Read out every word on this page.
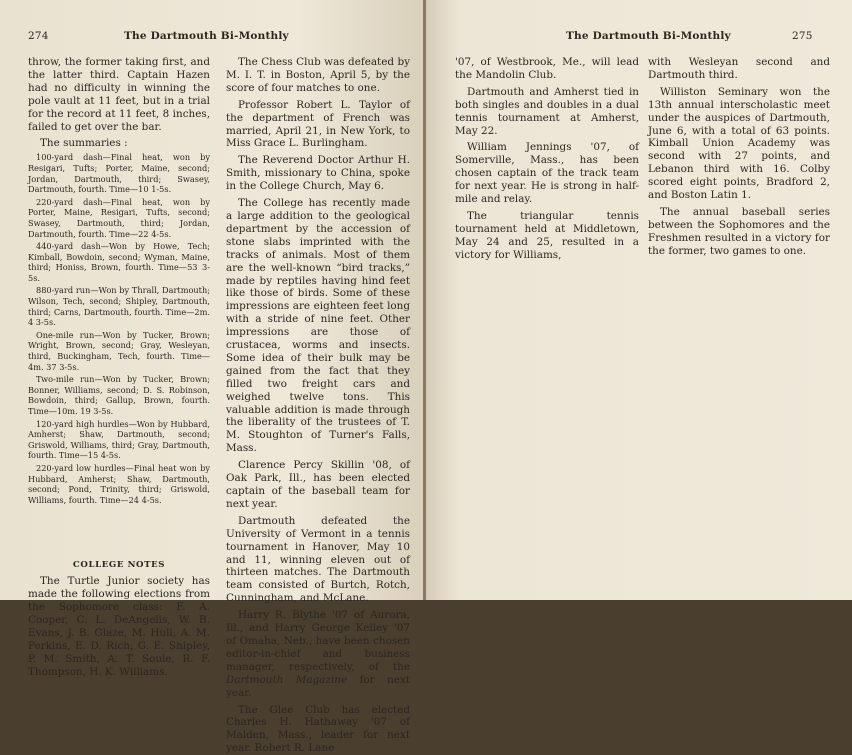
274	The Dartmouth Bi-Monthly

throw, the former taking first, and the latter third. Captain Hazen had no difficulty in winning the pole vault at 11 feet, but in a trial for the record at 11 feet, 8 inches, failed to get over the bar.

The summaries :

100-yard dash—Final heat, won by Resigari, Tufts; Porter, Maine, second; Jordan, Dartmouth, third; Swasey, Dartmouth, fourth. Time—10 1-5s.

220-yard dash—Final heat, won by Porter, Maine, Resigari, Tufts, second; Swasey, Dartmouth, third; Jordan, Dartmouth, fourth. Time—22 4-5s.

440-yard dash—Won by Howe, Tech; Kimball, Bowdoin, second; Wyman, Maine, third; Honiss, Brown, fourth. Time—53 3-5s.

880-yard run—Won by Thrall, Dartmouth; Wilson, Tech, second; Shipley, Dartmouth, third; Carns, Dartmouth, fourth. Time—2m. 4 3-5s.

One-mile run—Won by Tucker, Brown; Wright, Brown, second; Gray, Wesleyan, third, Buckingham, Tech, fourth. Time—4m. 37 3-5s.

Two-mile run—Won by Tucker, Brown; Bonner, Williams, second; D. S. Robinson, Bowdoin, third; Gallup, Brown, fourth. Time—10m. 19 3-5s.

120-yard high hurdles—Won by Hubbard, Amherst; Shaw, Dartmouth, second; Griswold, Williams, third; Gray, Dartmouth, fourth. Time—15 4-5s.

220-yard low hurdles—Final heat won by Hubbard, Amherst; Shaw, Dartmouth, second; Pond, Trinity, third; Griswold, Williams, fourth. Time—24 4-5s.

COLLEGE NOTES

The Turtle Junior society has made the following elections from the Sophomore class: F. A. Cooper, C. L. DeAngelis, W. B. Evans, J. B. Glaze, M. Hull, A. M. Perkins, E. D. Rich, G. E. Shipley, P. M. Smith, A. T. Soule, R. F. Thompson, H. K. Williams.

The Chess Club was defeated by M. I. T. in Boston, April 5, by the score of four matches to one.

Professor Robert L. Taylor of the department of French was married, April 21, in New York, to Miss Grace L. Burlingham.

The Reverend Doctor Arthur H. Smith, missionary to China, spoke in the College Church, May 6.

The College has recently made a large addition to the geological department by the accession of stone slabs imprinted with the tracks of animals. Most of them are the well-known “bird tracks,” made by reptiles having hind feet like those of birds. Some of these impressions are eighteen feet long with a stride of nine feet. Other impressions are those of crustacea, worms and insects. Some idea of their bulk may be gained from the fact that they filled two freight cars and weighed twelve tons. This valuable addition is made through the liberality of the trustees of T. M. Stoughton of Turner's Falls, Mass.

Clarence Percy Skillin '08, of Oak Park, Ill., has been elected captain of the baseball team for next year.

Dartmouth defeated the University of Vermont in a tennis tournament in Hanover, May 10 and 11, winning eleven out of thirteen matches. The Dartmouth team consisted of Burtch, Rotch, Cunningham, and McLane.

Harry R. Blythe '07 of Aurora, Ill., and Harry George Kelley '07 of Omaha, Neb., have been chosen editor-in-chief and business manager, respectively, of the Dartmouth Magazine for next year.

The Glee Club has elected Charles H. Hathaway '07 of Malden, Mass., leader for next year. Robert R. Lane

The Dartmouth Bi-Monthly	275

'07, of Westbrook, Me., will lead the Mandolin Club.

Dartmouth and Amherst tied in both singles and doubles in a dual tennis tournament at Amherst, May 22.

William Jennings '07, of Somerville, Mass., has been chosen captain of the track team for next year. He is strong in half-mile and relay.

The triangular tennis tournament held at Middletown, May 24 and 25, resulted in a victory for Williams,

with Wesleyan second and Dartmouth third.

Williston Seminary won the 13th annual interscholastic meet under the auspices of Dartmouth, June 6, with a total of 63 points. Kimball Union Academy was second with 27 points, and Lebanon third with 16. Colby scored eight points, Bradford 2, and Boston Latin 1.

The annual baseball series between the Sophomores and the Freshmen resulted in a victory for the former, two games to one.
